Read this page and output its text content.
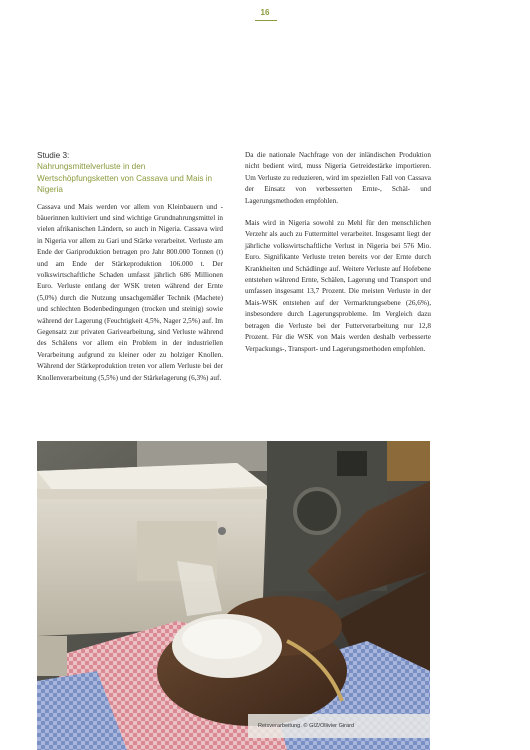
16
Studie 3:
Nahrungsmittelverluste in den Wertschöpfungsketten von Cassava und Mais in Nigeria

Cassava und Mais werden vor allem von Kleinbauern und -bäuerinnen kultiviert und sind wichtige Grundnahrungsmittel in vielen afrikanischen Ländern, so auch in Nigeria. Cassava wird in Nigeria vor allem zu Gari und Stärke verarbeitet. Verluste am Ende der Gariproduktion betragen pro Jahr 800.000 Tonnen (t) und am Ende der Stärkeproduktion 106.000 t. Der volkswirtschaftliche Schaden umfasst jährlich 686 Millionen Euro. Verluste entlang der WSK treten während der Ernte (5,0%) durch die Nutzung unsachgemäßer Technik (Machete) und schlechten Bodenbedingungen (trocken und steinig) sowie während der Lagerung (Feuchtigkeit 4,5%, Nager 2,5%) auf. Im Gegensatz zur privaten Garivearbeitung, sind Verluste während des Schälens vor allem ein Problem in der industriellen Verarbeitung aufgrund zu kleiner oder zu holziger Knollen. Während der Stärkeproduktion treten vor allem Verluste bei der Knollenverarbeitung (5,5%) und der Stärkelagerung (6,3%) auf.

Da die nationale Nachfrage von der inländischen Produktion nicht bedient wird, muss Nigeria Getreidestärke importieren. Um Verluste zu reduzieren, wird im speziellen Fall von Cassava der Einsatz von verbesserten Ernte-, Schäl- und Lagerungsmethoden empfohlen.

Mais wird in Nigeria sowohl zu Mehl für den menschlichen Verzehr als auch zu Futtermittel verarbeitet. Insgesamt liegt der jährliche volkswirtschaftliche Verlust in Nigeria bei 576 Mio. Euro. Signifikante Verluste treten bereits vor der Ernte durch Krankheiten und Schädlinge auf. Weitere Verluste auf Hofebene entstehen während Ernte, Schälen, Lagerung und Transport und umfassen insgesamt 13,7 Prozent. Die meisten Verluste in der Mais-WSK entstehen auf der Vermarktungsebene (26,6%), insbesondere durch Lagerungsprobleme. Im Vergleich dazu betragen die Verluste bei der Futterverarbeitung nur 12,8 Prozent. Für die WSK von Mais werden deshalb verbesserte Verpackungs-, Transport- und Lagerungsmethoden empfohlen.

Reisverarbeitung. © GIZ/Ollivier Girard
